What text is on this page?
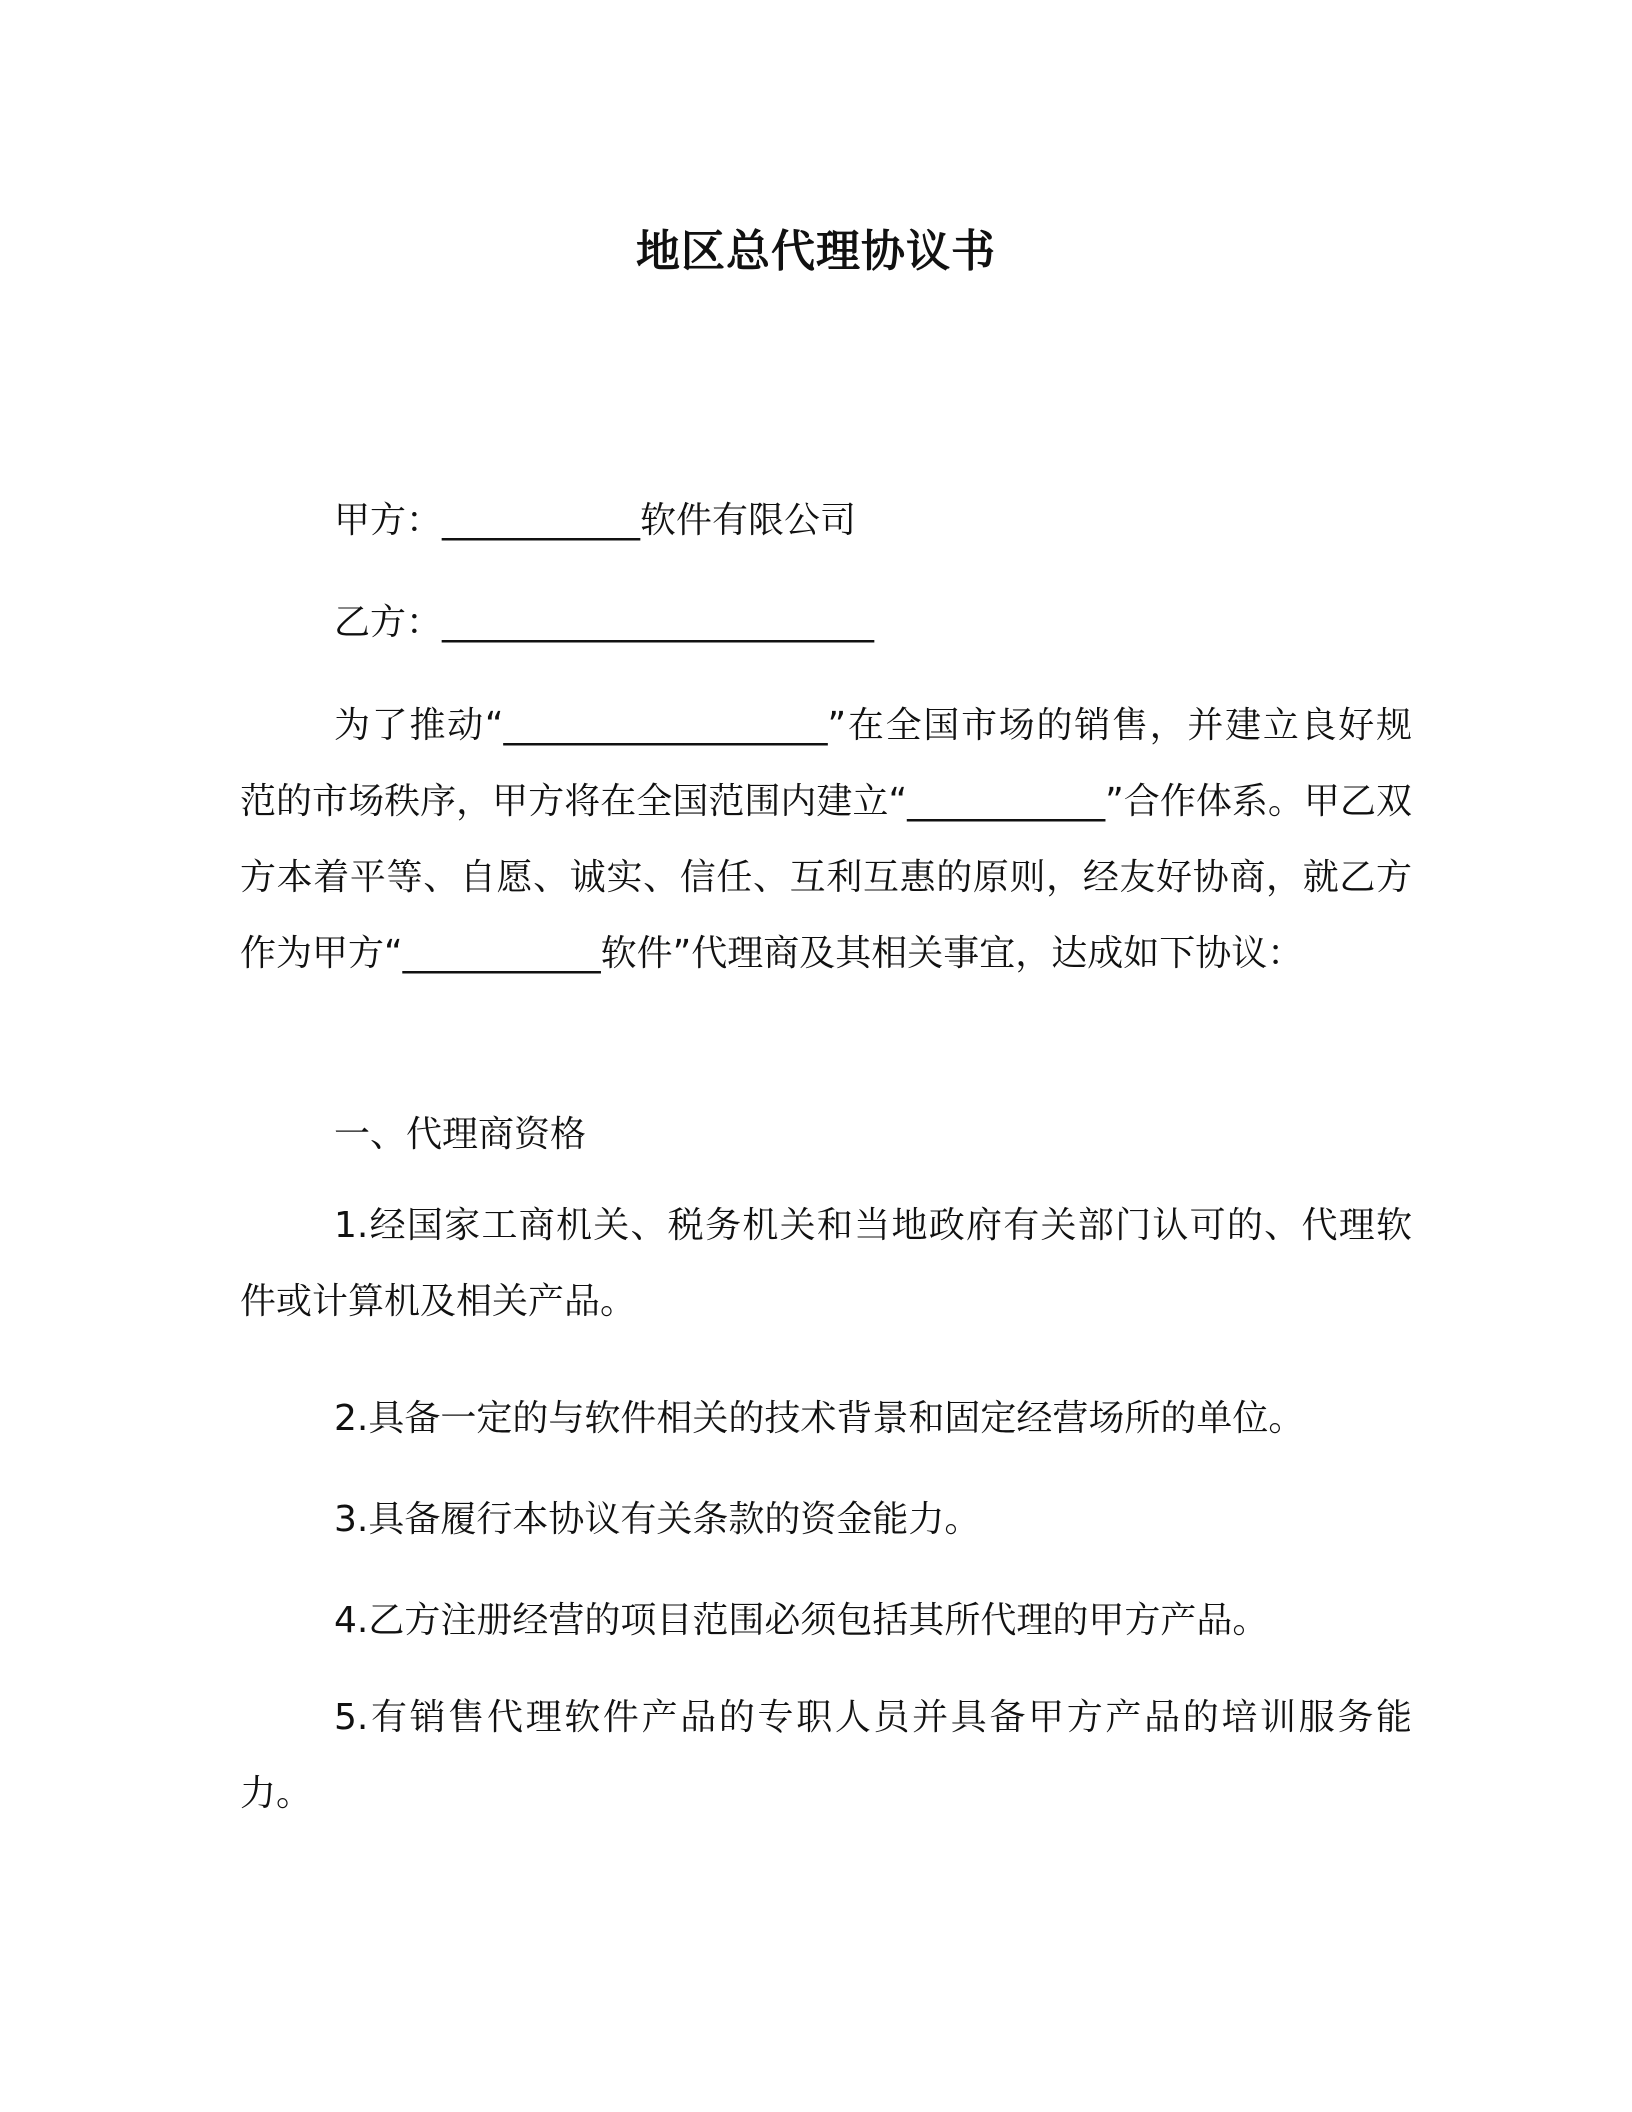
地区总代理协议书
甲方：___________软件有限公司
乙方：________________________
为了推动“__________________”在全国市场的销售，并建立良好规范的市场秩序，甲方将在全国范围内建立“___________”合作体系。甲乙双方本着平等、自愿、诚实、信任、互利互惠的原则，经友好协商，就乙方作为甲方“___________软件”代理商及其相关事宜，达成如下协议：
一、代理商资格
1.经国家工商机关、税务机关和当地政府有关部门认可的、代理软件或计算机及相关产品。
2.具备一定的与软件相关的技术背景和固定经营场所的单位。
3.具备履行本协议有关条款的资金能力。
4.乙方注册经营的项目范围必须包括其所代理的甲方产品。
5.有销售代理软件产品的专职人员并具备甲方产品的培训服务能力。
